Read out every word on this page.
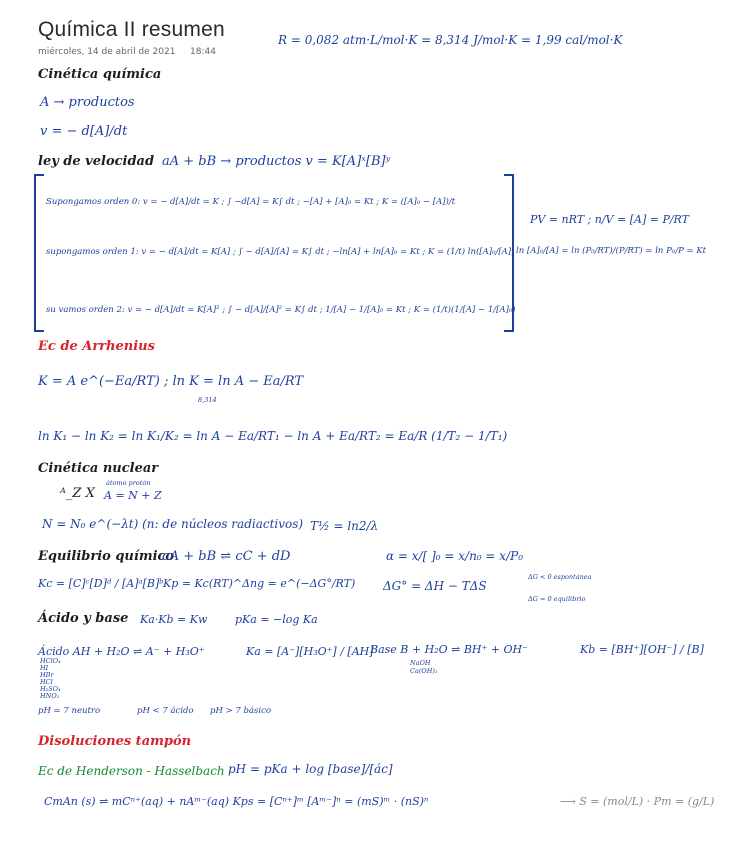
Química II resumen
miércoles, 14 de abril de 2021 18:44
R = 0,082 atm·L/mol·K = 8,314 J/mol·K = 1,99 cal/mol·K
Cinética química
A → productos
v = − d[A]/dt
ley de velocidad aA + bB → productos v = K[A]ˣ[B]ʸ
Supongamos orden 0: v = − d[A]/dt = K ; ∫ −d[A] = K∫ dt ; −[A] + [A]₀ = Kt ; K = ([A]₀ − [A])/t
supongamos orden 1: v = − d[A]/dt = K[A] ; ∫ − d[A]/[A] = K∫ dt ; −ln[A] + ln[A]₀ = Kt ; K = (1/t) ln([A]₀/[A])
su vamos orden 2: v = − d[A]/dt = K[A]² ; ∫ − d[A]/[A]² = K∫ dt ; 1/[A] − 1/[A]₀ = Kt ; K = (1/t)(1/[A] − 1/[A]₀)
PV = nRT ; n/V = [A] = P/RT
ln [A]₀/[A] = ln (P₀/RT)/(P/RT) = ln P₀/P = Kt
Ec de Arrhenius
K = A e^(−Ea/RT) ; ln K = ln A − Ea/RT
8,314
ln K₁ − ln K₂ = ln K₁/K₂ = ln A − Ea/RT₁ − ln A + Ea/RT₂ = Ea/R (1/T₂ − 1/T₁)
Cinética nuclear
ᴬ_Z X
átomo protón
A = N + Z
N = N₀ e^(−λt) (n: de núcleos radiactivos) T½ = ln2/λ
Equilibrio químico
aA + bB ⇌ cC + dD	α = x/[ ]₀ = x/n₀ = x/P₀
Kc = [C]ᶜ[D]ᵈ / [A]ᵃ[B]ᵇ Kp = Kc(RT)^Δng = e^(−ΔG°/RT) ΔG° = ΔH − TΔS
ΔG < 0 espontánea
ΔG = 0 equilibrio
Ácido y base Ka·Kb = Kw	pKa = −log Ka
Ácido AH + H₂O ⇌ A⁻ + H₃O⁺	Ka = [A⁻][H₃O⁺] / [AH]
HClO₄
HI
HBr
HCl
H₂SO₄
HNO₃
Base B + H₂O ⇌ BH⁺ + OH⁻
NaOH
Ca(OH)₂
Kb = [BH⁺][OH⁻] / [B]
pH = 7 neutro	pH < 7 ácido pH > 7 básico
Disoluciones tampón
Ec de Henderson - Hasselbach pH = pKa + log [base]/[ác]
CmAn (s) ⇌ mCⁿ⁺(aq) + nAᵐ⁻(aq) Kps = [Cⁿ⁺]ᵐ [Aᵐ⁻]ⁿ = (mS)ᵐ · (nS)ⁿ	⟶ S = (mol/L) · Pm = (g/L)
